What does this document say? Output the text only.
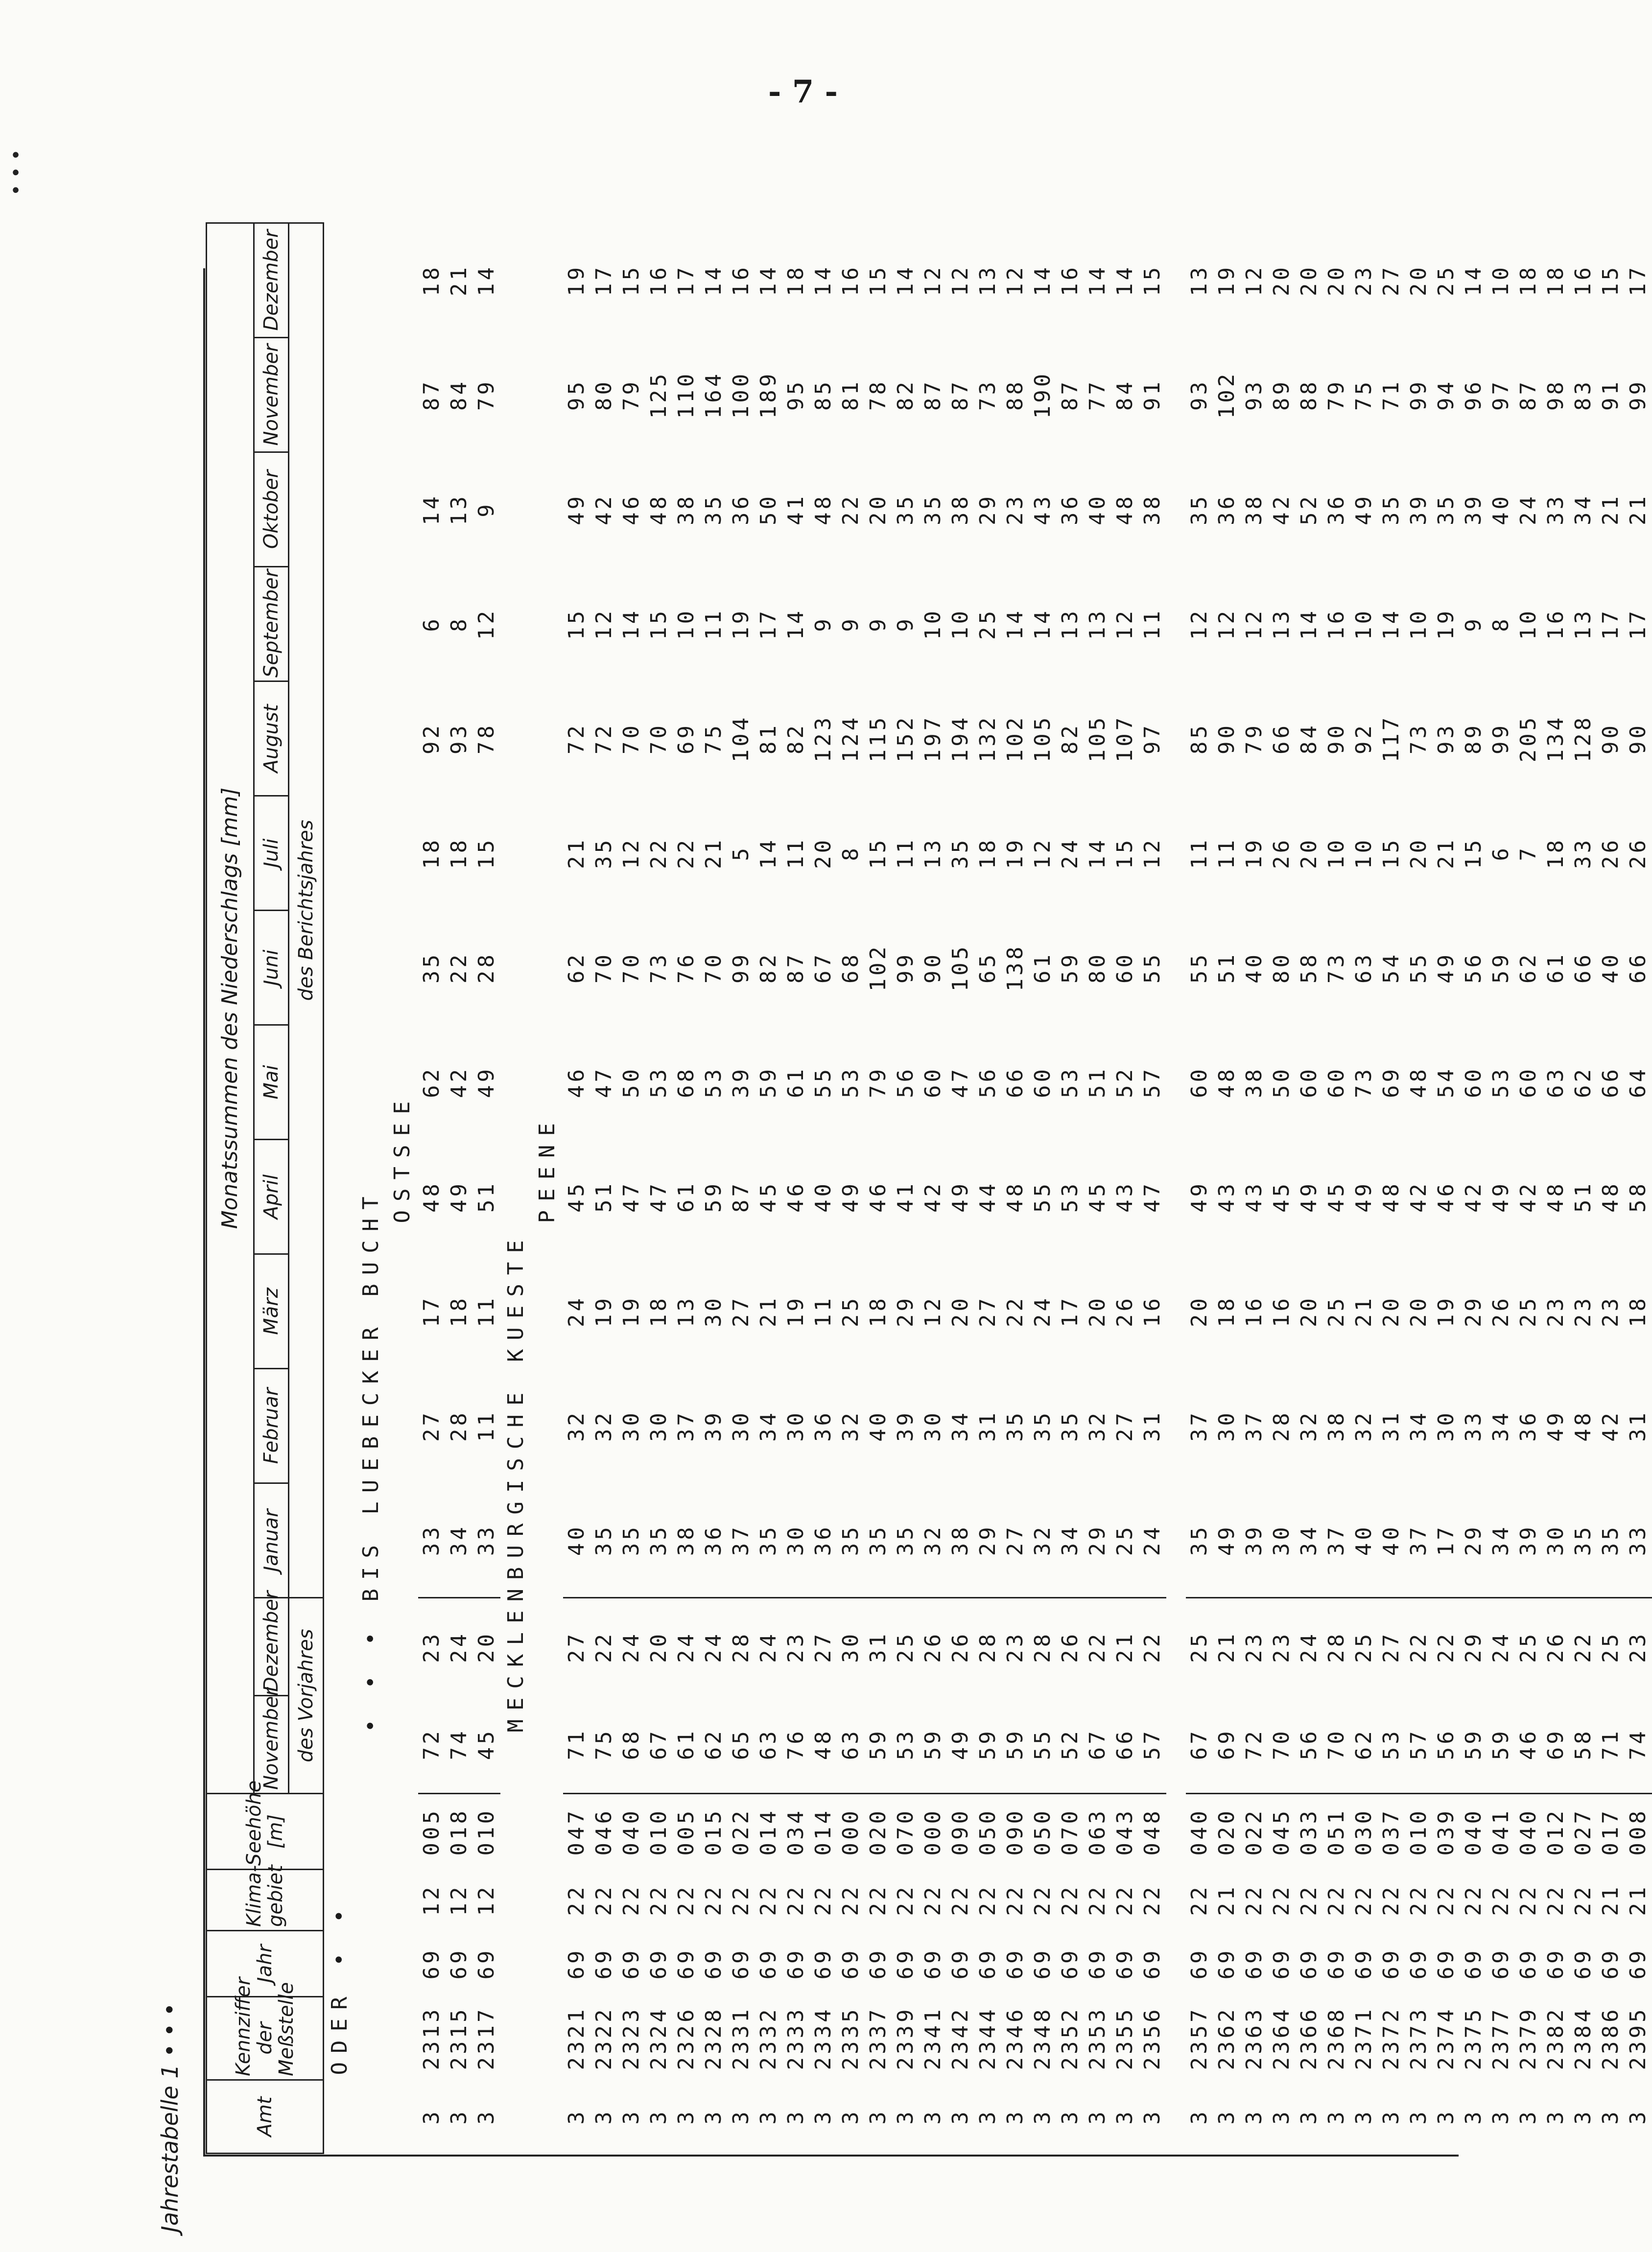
- 7 -
•
•
•
Jahrestabelle 1 • • •	Amt	Kennziffer der Meßstelle	Jahr	Klima-gebiet	Seehöhe [m]	Monatssummen des Niederschlags [mm]													
					November	Dezember	Januar	Februar	März	April	Mai	Juni	Juli	August	September	Oktober	November	Dezember
					des Vorjahres		des Berichtsjahres											
ODER • •																		
• • • BIS LUEBECKER BUCHT																		
OSTSEE																		
3	2313	69	12	005	72	23	33	27	17	48	62	35	18	92	6	14	87	18
3	2315	69	12	018	74	24	34	28	18	49	42	22	18	93	8	13	84	21
3	2317	69	12	010	45	20	33	11	11	51	49	28	15	78	12	9	79	14
MECKLENBURGISCHE KUESTE																		
PEENE																		
3	2321	69	22	047	71	27	40	32	24	45	46	62	21	72	15	49	95	19
3	2322	69	22	046	75	22	35	32	19	51	47	70	35	72	12	42	80	17
3	2323	69	22	040	68	24	35	30	19	47	50	70	12	70	14	46	79	15
3	2324	69	22	010	67	20	35	30	18	47	53	73	22	70	15	48	125	16
3	2326	69	22	005	61	24	38	37	13	61	68	76	22	69	10	38	110	17
3	2328	69	22	015	62	24	36	39	30	59	53	70	21	75	11	35	164	14
3	2331	69	22	022	65	28	37	30	27	87	39	99	5	104	19	36	100	16
3	2332	69	22	014	63	24	35	34	21	45	59	82	14	81	17	50	189	14
3	2333	69	22	034	76	23	30	30	19	46	61	87	11	82	14	41	95	18
3	2334	69	22	014	48	27	36	36	11	40	55	67	20	123	9	48	85	14
3	2335	69	22	000	63	30	35	32	25	49	53	68	8	124	9	22	81	16
3	2337	69	22	020	59	31	35	40	18	46	79	102	15	115	9	20	78	15
3	2339	69	22	070	53	25	35	39	29	41	56	99	11	152	9	35	82	14
3	2341	69	22	000	59	26	32	30	12	42	60	90	13	197	10	35	87	12
3	2342	69	22	090	49	26	38	34	20	49	47	105	35	194	10	38	87	12
3	2344	69	22	050	59	28	29	31	27	44	56	65	18	132	25	29	73	13
3	2346	69	22	090	59	23	27	35	22	48	66	138	19	102	14	23	88	12
3	2348	69	22	050	55	28	32	35	24	55	60	61	12	105	14	43	190	14
3	2352	69	22	070	52	26	34	35	17	53	53	59	24	82	13	36	87	16
3	2353	69	22	063	67	22	29	32	20	45	51	80	14	105	13	40	77	14
3	2355	69	22	043	66	21	25	27	26	43	52	60	15	107	12	48	84	14
3	2356	69	22	048	57	22	24	31	16	47	57	55	12	97	11	38	91	15

3	2357	69	22	040	67	25	35	37	20	49	60	55	11	85	12	35	93	13
3	2362	69	21	020	69	21	49	30	18	43	48	51	11	90	12	36	102	19
3	2363	69	22	022	72	23	39	37	16	43	38	40	19	79	12	38	93	12
3	2364	69	22	045	70	23	30	28	16	45	50	80	26	66	13	42	89	20
3	2366	69	22	033	56	24	34	32	20	49	60	58	20	84	14	52	88	20
3	2368	69	22	051	70	28	37	38	25	45	60	73	10	90	16	36	79	20
3	2371	69	22	030	62	25	40	32	21	49	73	63	10	92	10	49	75	23
3	2372	69	22	037	53	27	40	31	20	48	69	54	15	117	14	35	71	27
3	2373	69	22	010	57	22	37	34	20	42	48	55	20	73	10	39	99	20
3	2374	69	22	039	56	22	17	30	19	46	54	49	21	93	19	35	94	25
3	2375	69	22	040	59	29	29	33	29	42	60	56	15	89	9	39	96	14
3	2377	69	22	041	59	24	34	34	26	49	53	59	6	99	8	40	97	10
3	2379	69	22	040	46	25	39	36	25	42	60	62	7	205	10	24	87	18
3	2382	69	22	012	69	26	30	49	23	48	63	61	18	134	16	33	98	18
3	2384	69	22	027	58	22	35	48	23	51	62	66	33	128	13	34	83	16
3	2386	69	21	017	71	25	35	42	23	48	66	40	26	90	17	21	91	15
3	2395	69	21	008	74	23	33	31	18	58	64	66	26	90	17	21	99	17
